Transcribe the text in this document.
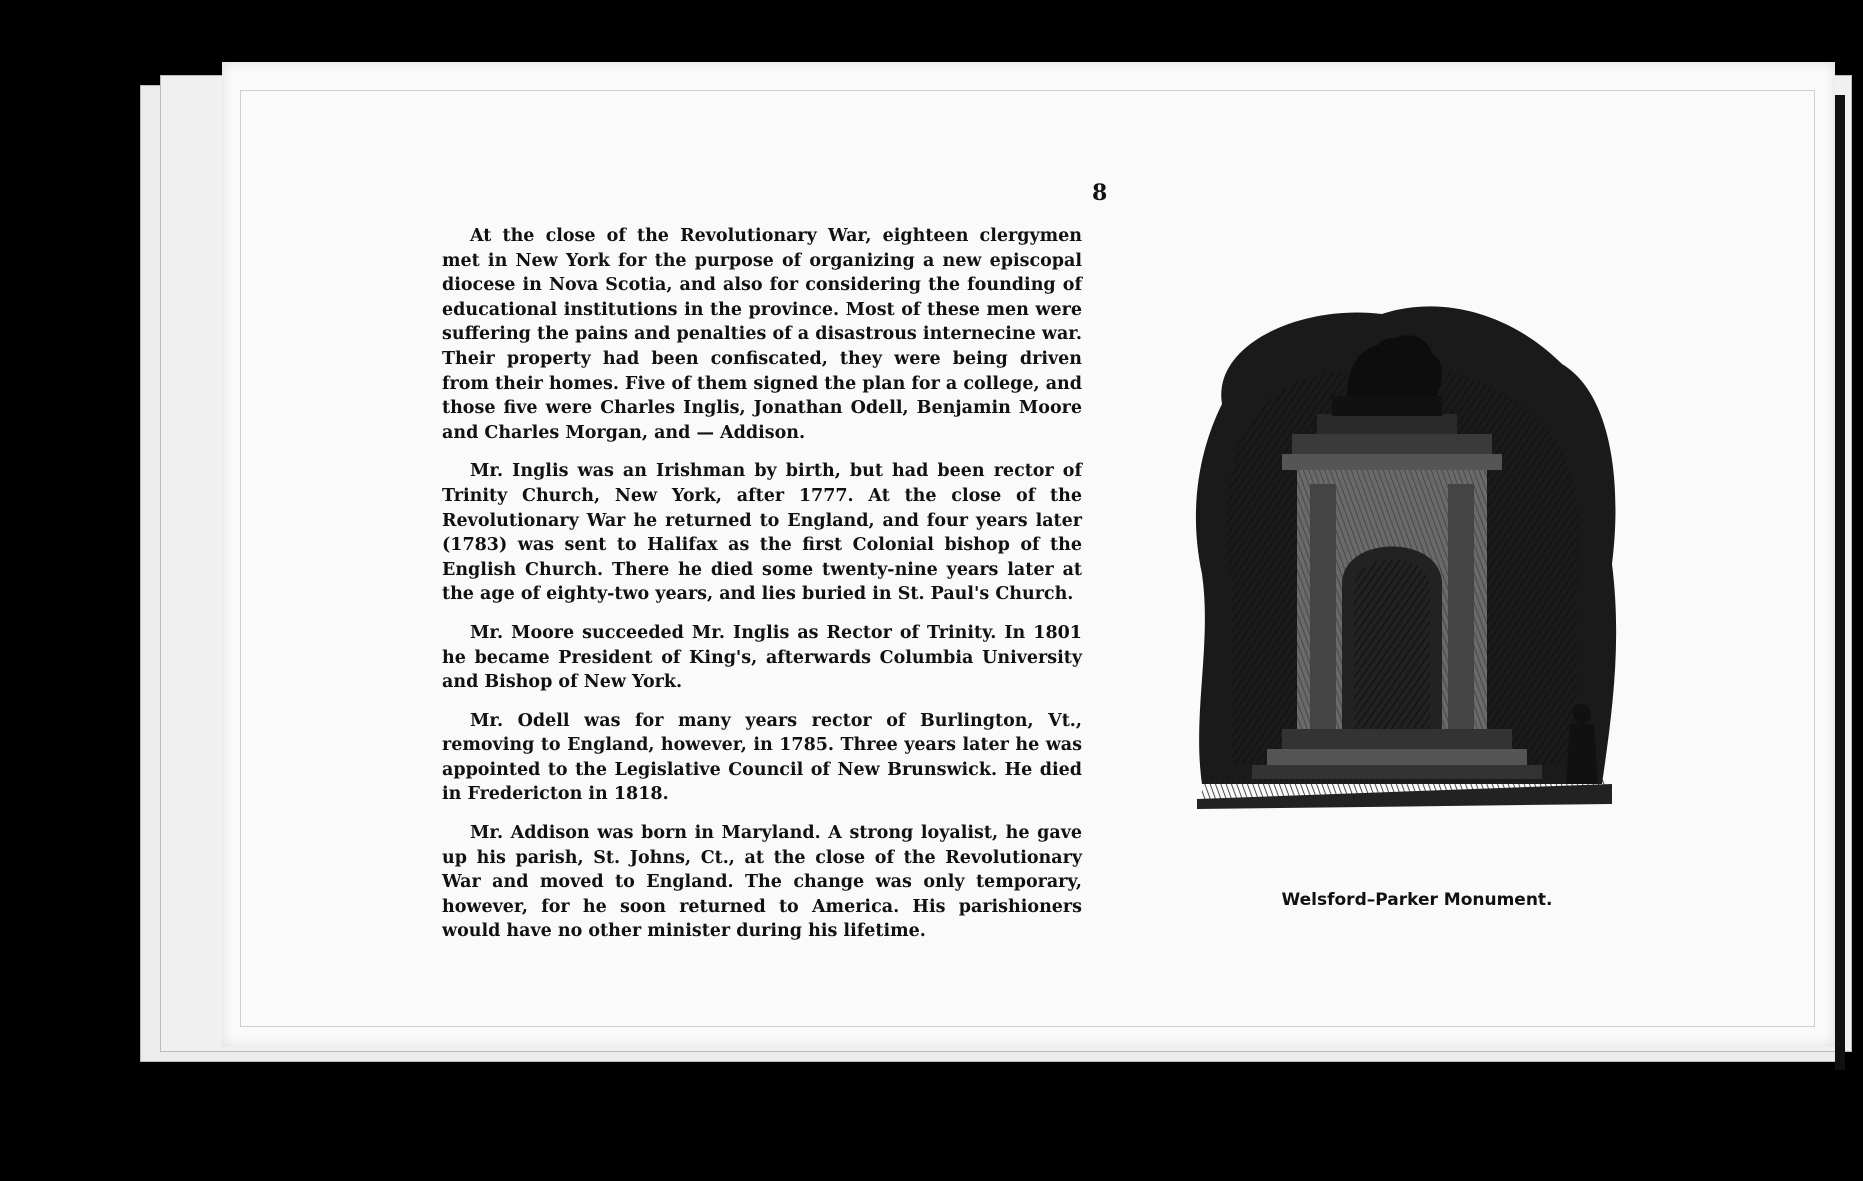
8

At the close of the Revolutionary War, eighteen clergymen met in New York for the purpose of organizing a new episcopal diocese in Nova Scotia, and also for considering the founding of educational institutions in the province. Most of these men were suffering the pains and penalties of a disastrous internecine war. Their property had been confiscated, they were being driven from their homes. Five of them signed the plan for a college, and those five were Charles Inglis, Jonathan Odell, Benjamin Moore and Charles Morgan, and — Addison.

Mr. Inglis was an Irishman by birth, but had been rector of Trinity Church, New York, after 1777. At the close of the Revolutionary War he returned to England, and four years later (1783) was sent to Halifax as the first Colonial bishop of the English Church. There he died some twenty-nine years later at the age of eighty-two years, and lies buried in St. Paul's Church.

Mr. Moore succeeded Mr. Inglis as Rector of Trinity. In 1801 he became President of King's, afterwards Columbia University and Bishop of New York.

Mr. Odell was for many years rector of Burlington, Vt., removing to England, however, in 1785. Three years later he was appointed to the Legislative Council of New Brunswick. He died in Fredericton in 1818.

Mr. Addison was born in Maryland. A strong loyalist, he gave up his parish, St. Johns, Ct., at the close of the Revolutionary War and moved to England. The change was only temporary, however, for he soon returned to America. His parishioners would have no other minister during his lifetime.

Welsford–Parker Monument.
